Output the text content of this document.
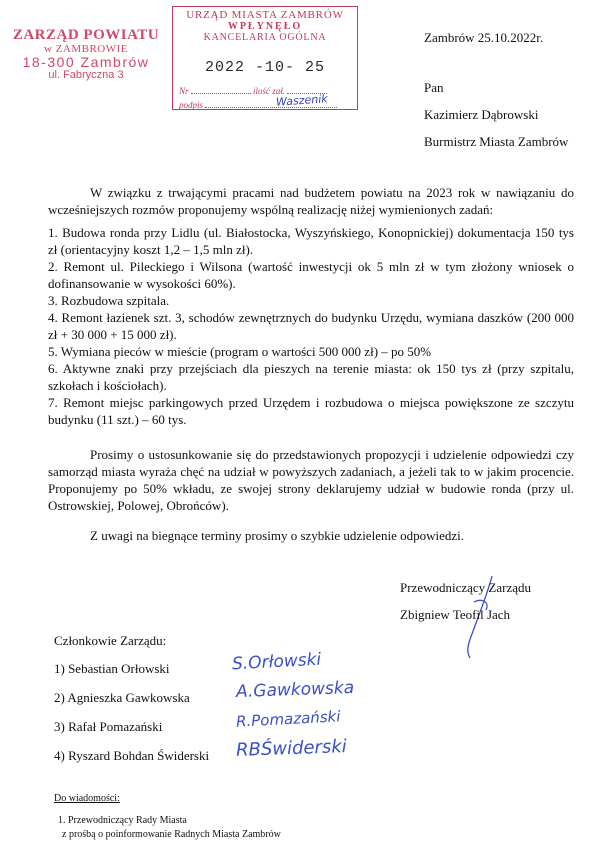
ZARZĄD POWIATU
w ZAMBROWIE
18-300 Zambrów
ul. Fabryczna 3
URZĄD MIASTA ZAMBRÓW
WPŁYNĘŁO
KANCELARIA OGÓLNA
2022 -10- 25
Nr	ilość zał.
podpis	Waszenik
Zambrów 25.10.2022r.
Pan
Kazimierz Dąbrowski
Burmistrz Miasta Zambrów

W związku z trwającymi pracami nad budżetem powiatu na 2023 rok w nawiązaniu do wcześniejszych rozmów proponujemy wspólną realizację niżej wymienionych zadań:

1. Budowa ronda przy Lidlu (ul. Białostocka, Wyszyńskiego, Konopnickiej) dokumentacja 150 tys zł (orientacyjny koszt 1,2 – 1,5 mln zł).

2. Remont ul. Pileckiego i Wilsona (wartość inwestycji ok 5 mln zł w tym złożony wniosek o dofinansowanie w wysokości 60%).

3. Rozbudowa szpitala.

4. Remont łazienek szt. 3, schodów zewnętrznych do budynku Urzędu, wymiana daszków (200 000 zł + 30 000 + 15 000 zł).

5. Wymiana pieców w mieście (program o wartości 500 000 zł) – po 50%

6. Aktywne znaki przy przejściach dla pieszych na terenie miasta: ok 150 tys zł (przy szpitalu, szkołach i kościołach).

7. Remont miejsc parkingowych przed Urzędem i rozbudowa o miejsca powiększone ze szczytu budynku (11 szt.) – 60 tys.

Prosimy o ustosunkowanie się do przedstawionych propozycji i udzielenie odpowiedzi czy samorząd miasta wyraża chęć na udział w powyższych zadaniach, a jeżeli tak to w jakim procencie. Proponujemy po 50% wkładu, ze swojej strony deklarujemy udział w budowie ronda (przy ul. Ostrowskiej, Polowej, Obrońców).

Z uwagi na biegnące terminy prosimy o szybkie udzielenie odpowiedzi.

Przewodniczący Zarządu
Zbigniew Teofil Jach
Członkowie Zarządu:
1) Sebastian Orłowski	S.Orłowski
2) Agnieszka Gawkowska	A.Gawkowska
3) Rafał Pomazański	R.Pomazański
4) Ryszard Bohdan Świderski RBŚwiderski
Do wiadomości:
1. Przewodniczący Rady Miasta
z prośbą o poinformowanie Radnych Miasta Zambrów
